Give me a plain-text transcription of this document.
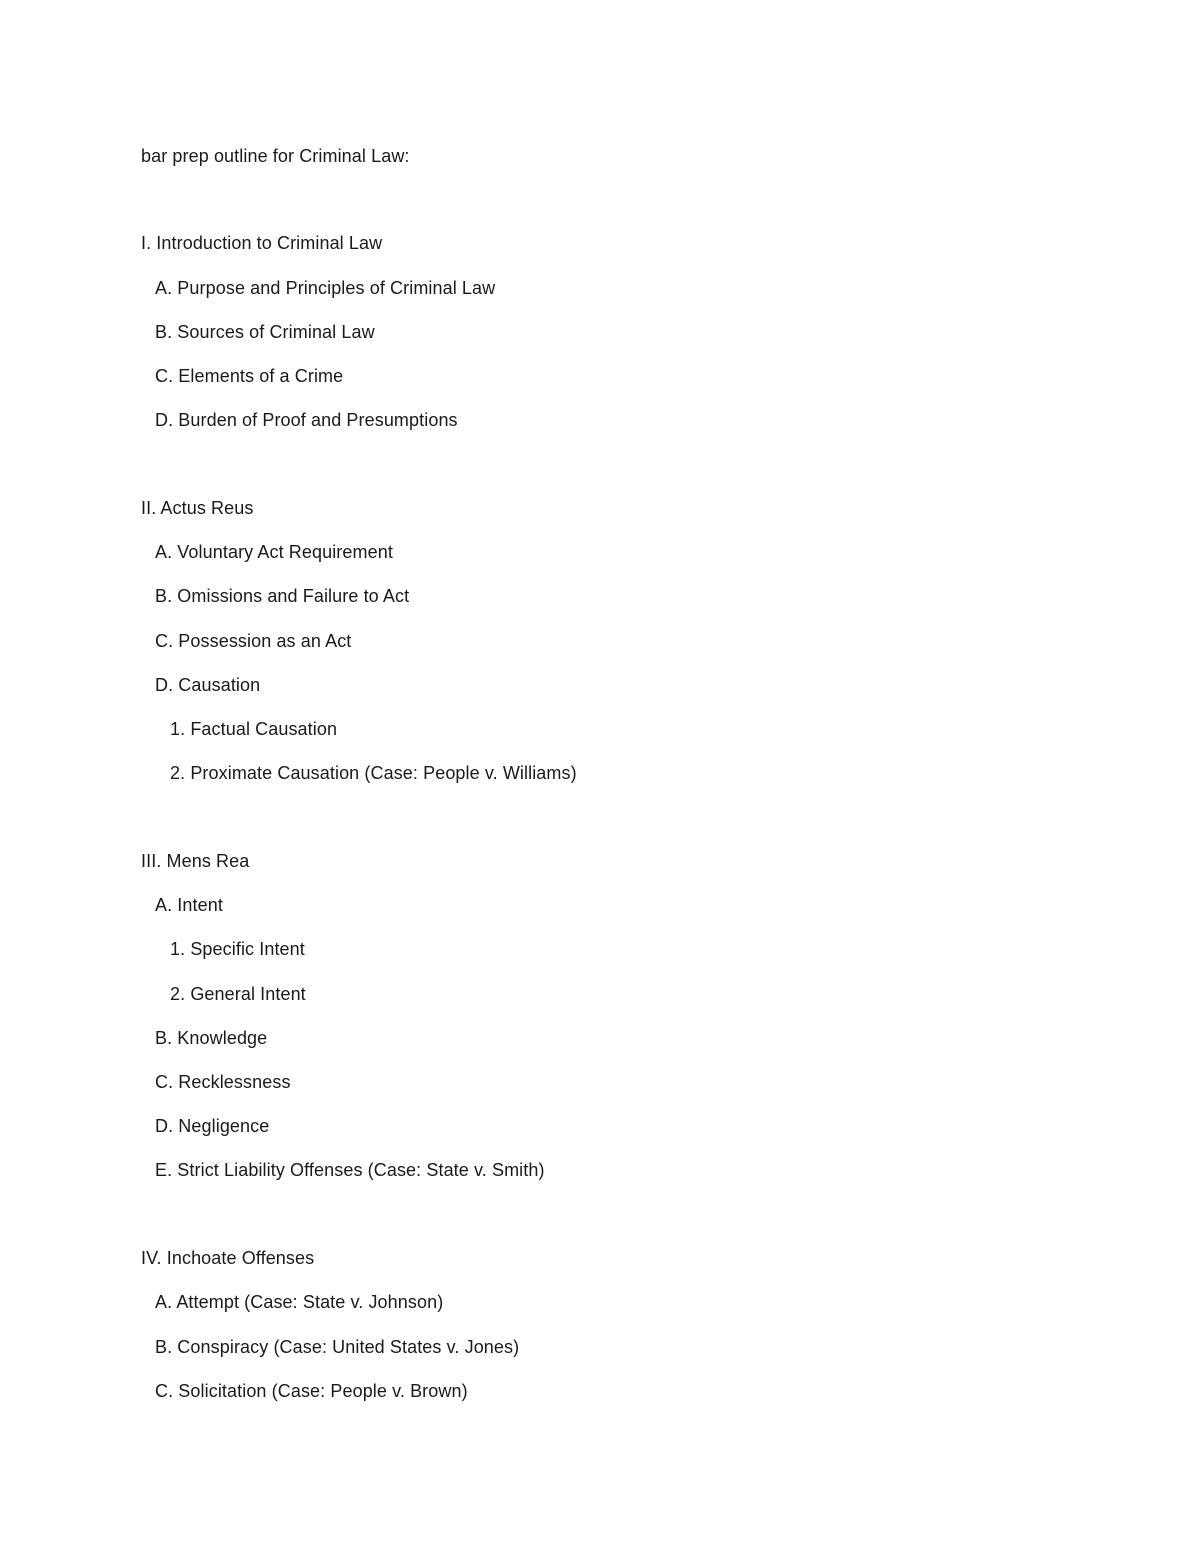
bar prep outline for Criminal Law:
I. Introduction to Criminal Law
A. Purpose and Principles of Criminal Law
B. Sources of Criminal Law
C. Elements of a Crime
D. Burden of Proof and Presumptions
II. Actus Reus
A. Voluntary Act Requirement
B. Omissions and Failure to Act
C. Possession as an Act
D. Causation
1. Factual Causation
2. Proximate Causation (Case: People v. Williams)
III. Mens Rea
A. Intent
1. Specific Intent
2. General Intent
B. Knowledge
C. Recklessness
D. Negligence
E. Strict Liability Offenses (Case: State v. Smith)
IV. Inchoate Offenses
A. Attempt (Case: State v. Johnson)
B. Conspiracy (Case: United States v. Jones)
C. Solicitation (Case: People v. Brown)
